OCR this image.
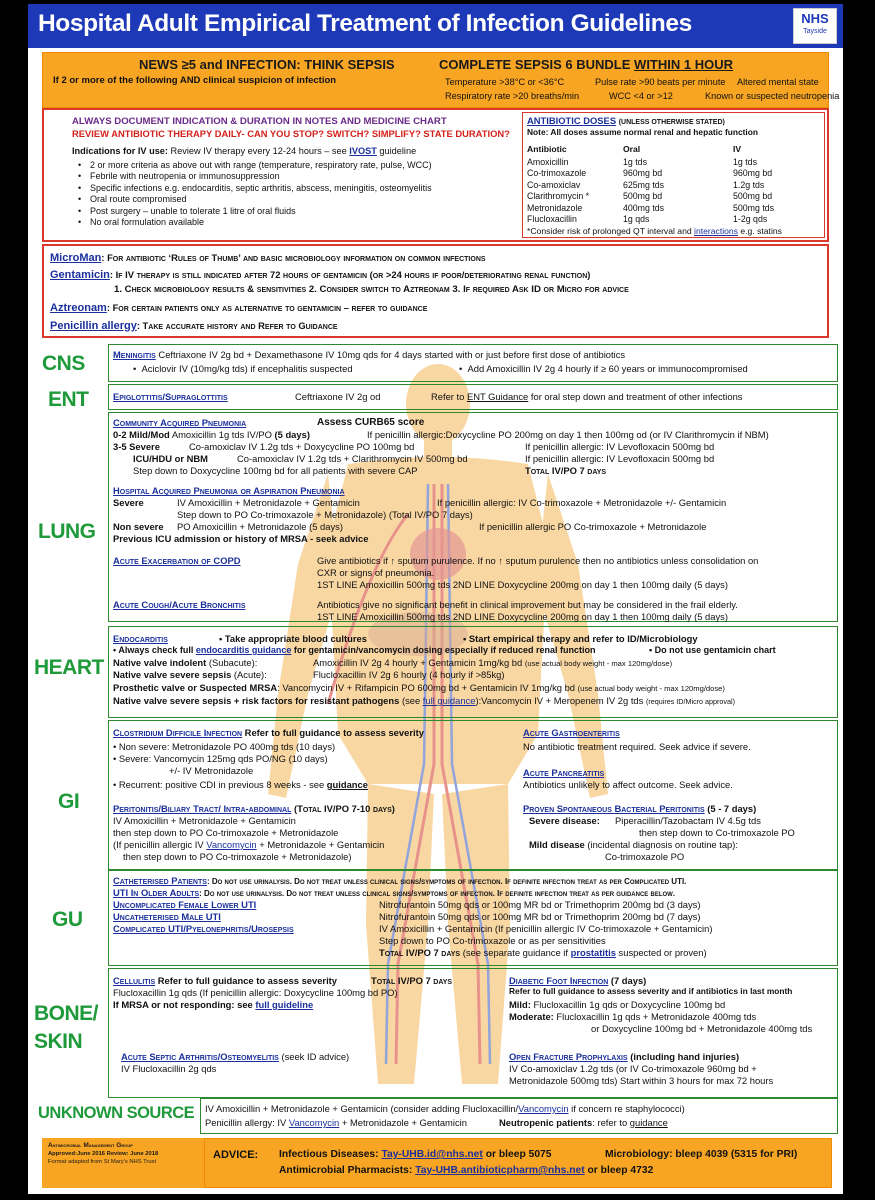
Hospital Adult Empirical Treatment of Infection Guidelines	NHS
Tayside
NEWS ≥5 and INFECTION: THINK SEPSIS	COMPLETE SEPSIS 6 BUNDLE WITHIN 1 HOUR
If 2 or more of the following AND clinical suspicion of infection	Temperature >38°C or <36°C	Pulse rate >90 beats per minute Altered mental state
Respiratory rate >20 breaths/min	WCC <4 or >12	Known or suspected neutropenia
ALWAYS DOCUMENT INDICATION & DURATION IN NOTES AND MEDICINE CHART
REVIEW ANTIBIOTIC THERAPY DAILY- CAN YOU STOP? SWITCH? SIMPLIFY? STATE DURATION?
Indications for IV use: Review IV therapy every 12-24 hours – see IVOST guideline
• 2 or more criteria as above out with range (temperature, respiratory rate, pulse, WCC)
• Febrile with neutropenia or immunosuppression
• Specific infections e.g. endocarditis, septic arthritis, abscess, meningitis, osteomyelitis
• Oral route compromised
• Post surgery – unable to tolerate 1 litre of oral fluids
• No oral formulation available
ANTIBIOTIC DOSES (UNLESS OTHERWISE STATED)
Note: All doses assume normal renal and hepatic function
Antibiotic	Oral	IV
Amoxicillin	1g tds	1g tds
Co-trimoxazole	960mg bd	960mg bd
Co-amoxiclav	625mg tds	1.2g tds
Clarithromycin *	500mg bd	500mg bd
Metronidazole	400mg tds	500mg tds
Flucloxacillin	1g qds	1-2g qds
*Consider risk of prolonged QT interval and interactions e.g. statins
MicroMan: For antibiotic ‘Rules of Thumb’ and basic microbiology information on common infections
Gentamicin: If IV therapy is still indicated after 72 hours of gentamicin (or >24 hours if poor/deteriorating renal function)
1. Check microbiology results & sensitivities 2. Consider switch to Aztreonam 3. If required Ask ID or Micro for advice
Aztreonam: For certain patients only as alternative to gentamicin – refer to guidance
Penicillin allergy: Take accurate history and Refer to Guidance
CNS	Meningitis Ceftriaxone IV 2g bd + Dexamethasone IV 10mg qds for 4 days started with or just before first dose of antibiotics
•  Aciclovir IV (10mg/kg tds) if encephalitis suspected	•  Add Amoxicillin IV 2g 4 hourly if ≥ 60 years or immunocompromised
ENT	Epiglottitis/Supraglottitis	Ceftriaxone IV 2g od	Refer to ENT Guidance for oral step down and treatment of other infections
LUNG
Community Acquired Pneumonia	Assess CURB65 score
0-2 Mild/Mod Amoxicillin 1g tds IV/PO (5 days)	If penicillin allergic:Doxycycline PO 200mg on day 1 then 100mg od (or IV Clarithromycin if NBM)
3-5 Severe	Co-amoxiclav IV 1.2g tds + Doxycycline PO 100mg bd	If penicillin allergic: IV Levofloxacin 500mg bd
ICU/HDU or NBM	Co-amoxiclav IV 1.2g tds + Clarithromycin IV 500mg bd	If penicillin allergic: IV Levofloxacin 500mg bd
Step down to Doxycycline 100mg bd for all patients with severe CAP	Total IV/PO 7 days
Hospital Acquired Pneumonia or Aspiration Pneumonia
Severe	IV Amoxicillin + Metronidazole + Gentamicin	If penicillin allergic: IV Co-trimoxazole + Metronidazole +/- Gentamicin
Step down to PO Co-trimoxazole + Metronidazole) (Total IV/PO 7 days)
Non severe PO Amoxicillin + Metronidazole (5 days)	If penicillin allergic PO Co-trimoxazole + Metronidazole
Previous ICU admission or history of MRSA - seek advice
Acute Exacerbation of COPD	Give antibiotics if ↑ sputum purulence. If no ↑ sputum purulence then no antibiotics unless consolidation on
CXR or signs of pneumonia.
1ST LINE Amoxicillin 500mg tds 2ND LINE Doxycycline 200mg on day 1 then 100mg daily (5 days)
Acute Cough/Acute Bronchitis	Antibiotics give no significant benefit in clinical improvement but may be considered in the frail elderly.
1ST LINE Amoxicillin 500mg tds 2ND LINE Doxycycline 200mg on day 1 then 100mg daily (5 days)
HEART
Endocarditis	• Take appropriate blood cultures	• Start empirical therapy and refer to ID/Microbiology
• Always check full endocarditis guidance for gentamicin/vancomycin dosing especially if reduced renal function	• Do not use gentamicin chart
Native valve indolent (Subacute):	Amoxicillin IV 2g 4 hourly + Gentamicin 1mg/kg bd (use actual body weight - max 120mg/dose)
Native valve severe sepsis (Acute):	Flucloxacillin IV 2g 6 hourly (4 hourly if >85kg)
Prosthetic valve or Suspected MRSA: Vancomycin IV + Rifampicin PO 600mg bd + Gentamicin IV 1mg/kg bd (use actual body weight - max 120mg/dose)
Native valve severe sepsis + risk factors for resistant pathogens (see full guidance):Vancomycin IV + Meropenem IV 2g tds (requires ID/Micro approval)
GI
Clostridium Difficile Infection Refer to full guidance to assess severity
• Non severe: Metronidazole PO 400mg tds (10 days)
• Severe: Vancomycin 125mg qds PO/NG (10 days)
+/- IV Metronidazole
• Recurrent: positive CDI in previous 8 weeks - see guidance
Acute Gastroenteritis
No antibiotic treatment required. Seek advice if severe.
Acute Pancreatitis
Antibiotics unlikely to affect outcome. Seek advice.
Peritonitis/Biliary Tract/ Intra-abdominal (Total IV/PO 7-10 days)
IV Amoxicillin + Metronidazole + Gentamicin
then step down to PO Co-trimoxazole + Metronidazole
(If penicillin allergic IV Vancomycin + Metronidazole + Gentamicin
then step down to PO Co-trimoxazole + Metronidazole)
Proven Spontaneous Bacterial Peritonitis (5 - 7 days)
Severe disease: Piperacillin/Tazobactam IV 4.5g tds
then step down to Co-trimoxazole PO
Mild disease (incidental diagnosis on routine tap):
Co-trimoxazole PO
GU
Catheterised Patients: Do not use urinalysis. Do not treat unless clinical signs/symptoms of infection. If definite infection treat as per Complicated UTI.
UTI In Older Adults: Do not use urinalysis. Do not treat unless clinical signs/symptoms of infection. If definite infection treat as per guidance below.
Uncomplicated Female Lower UTI	Nitrofurantoin 50mg qds or 100mg MR bd or Trimethoprim 200mg bd (3 days)
Uncatheterised Male UTI	Nitrofurantoin 50mg qds or 100mg MR bd or Trimethoprim 200mg bd (7 days)
Complicated UTI/Pyelonephritis/Urosepsis	IV Amoxicillin + Gentamicin (If penicillin allergic IV Co-trimoxazole + Gentamicin)
Step down to PO Co-trimoxazole or as per sensitivities
Total IV/PO 7 days (see separate guidance if prostatitis suspected or proven)
BONE/
SKIN
Cellulitis Refer to full guidance to assess severity	Total IV/PO 7 days
Flucloxacillin 1g qds (If penicillin allergic: Doxycycline 100mg bd PO)
If MRSA or not responding: see full guideline
Diabetic Foot Infection (7 days)
Refer to full guidance to assess severity and if antibiotics in last month
Mild: Flucloxacillin 1g qds or Doxycycline 100mg bd
Moderate: Flucloxacillin 1g qds + Metronidazole 400mg tds
or Doxycycline 100mg bd + Metronidazole 400mg tds
Acute Septic Arthritis/Osteomyelitis (seek ID advice)
IV Flucloxacillin 2g qds
Open Fracture Prophylaxis (including hand injuries)
IV Co-amoxiclav 1.2g tds (or IV Co-trimoxazole 960mg bd +
Metronidazole 500mg tds) Start within 3 hours for max 72 hours
UNKNOWN SOURCE IV Amoxicillin + Metronidazole + Gentamicin (consider adding Flucloxacillin/Vancomycin if concern re staphylococci)
Penicillin allergy: IV Vancomycin + Metronidazole + Gentamicin	Neutropenic patients: refer to guidance
Antimicrobial Management Group
Approved:June 2016 Review: June 2018
Format adapted from St Mary's NHS Trust
ADVICE: Infectious Diseases: Tay-UHB.id@nhs.net or bleep 5075	Microbiology: bleep 4039 (5315 for PRI)
Antimicrobial Pharmacists: Tay-UHB.antibioticpharm@nhs.net or bleep 4732
